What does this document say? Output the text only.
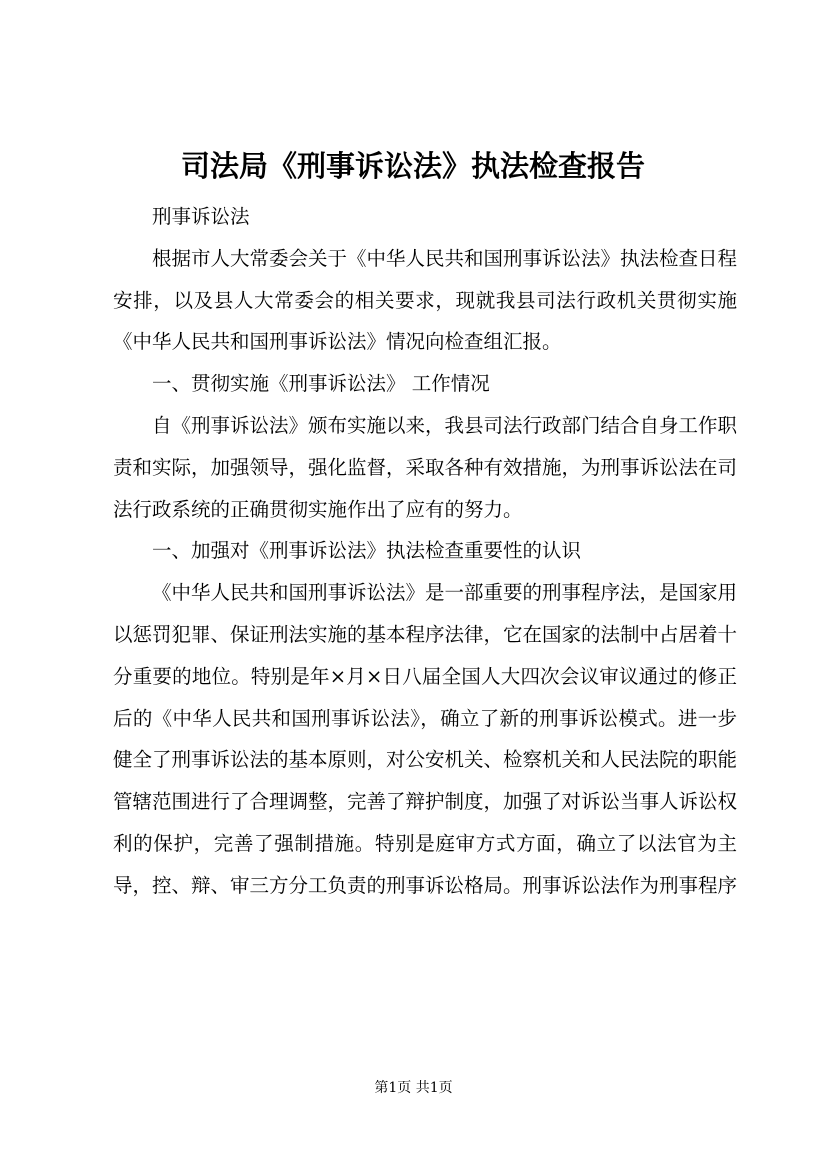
司法局《刑事诉讼法》执法检查报告

刑事诉讼法

根据市人大常委会关于《中华人民共和国刑事诉讼法》执法检查日程安排，以及县人大常委会的相关要求，现就我县司法行政机关贯彻实施《中华人民共和国刑事诉讼法》情况向检查组汇报。

一、贯彻实施《刑事诉讼法》 工作情况

自《刑事诉讼法》颁布实施以来，我县司法行政部门结合自身工作职责和实际，加强领导，强化监督，采取各种有效措施，为刑事诉讼法在司法行政系统的正确贯彻实施作出了应有的努力。

一、加强对《刑事诉讼法》执法检查重要性的认识

《中华人民共和国刑事诉讼法》是一部重要的刑事程序法，是国家用以惩罚犯罪、保证刑法实施的基本程序法律，它在国家的法制中占居着十分重要的地位。特别是年×月×日八届全国人大四次会议审议通过的修正后的《中华人民共和国刑事诉讼法》，确立了新的刑事诉讼模式。进一步健全了刑事诉讼法的基本原则，对公安机关、检察机关和人民法院的职能管辖范围进行了合理调整，完善了辩护制度，加强了对诉讼当事人诉讼权利的保护，完善了强制措施。特别是庭审方式方面，确立了以法官为主导，控、辩、审三方分工负责的刑事诉讼格局。刑事诉讼法作为刑事程序

第1页 共1页
